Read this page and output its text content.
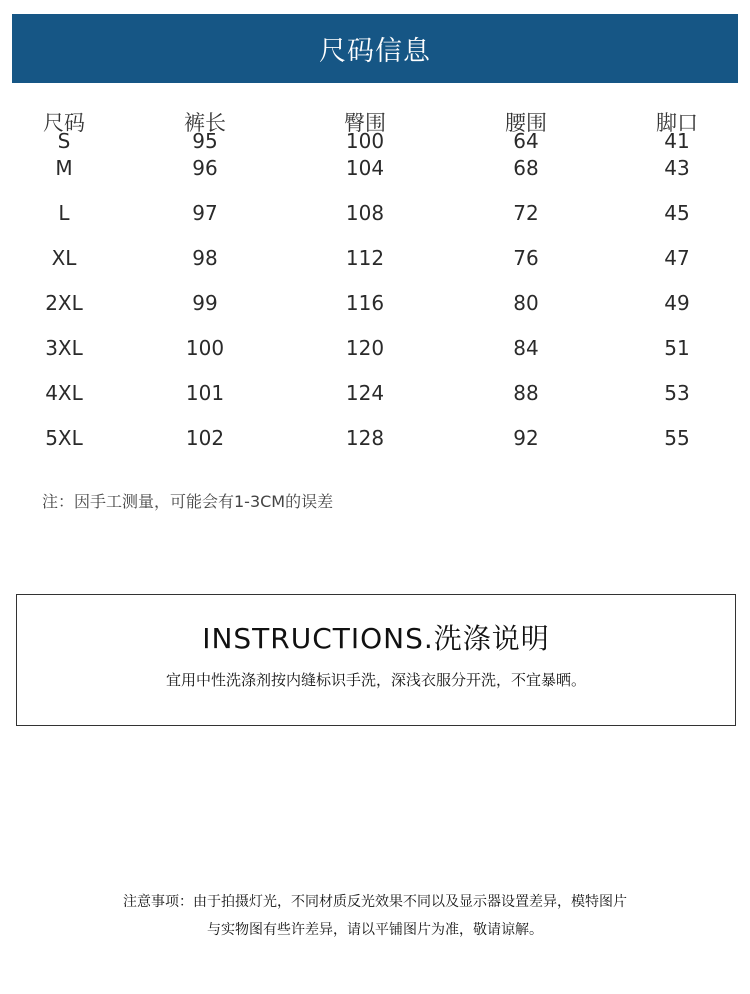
尺码信息
尺码	裤长	臀围	腰围	脚口
S	95	100	64	41
M	96	104	68	43
L	97	108	72	45
XL	98	112	76	47
2XL	99	116	80	49
3XL	100	120	84	51
4XL	101	124	88	53
5XL	102	128	92	55
注：因手工测量，可能会有1-3CM的误差
INSTRUCTIONS.洗涤说明
宜用中性洗涤剂按内缝标识手洗，深浅衣服分开洗，不宜暴晒。
注意事项：由于拍摄灯光，不同材质反光效果不同以及显示器设置差异，模特图片
与实物图有些许差异，请以平铺图片为准，敬请谅解。
